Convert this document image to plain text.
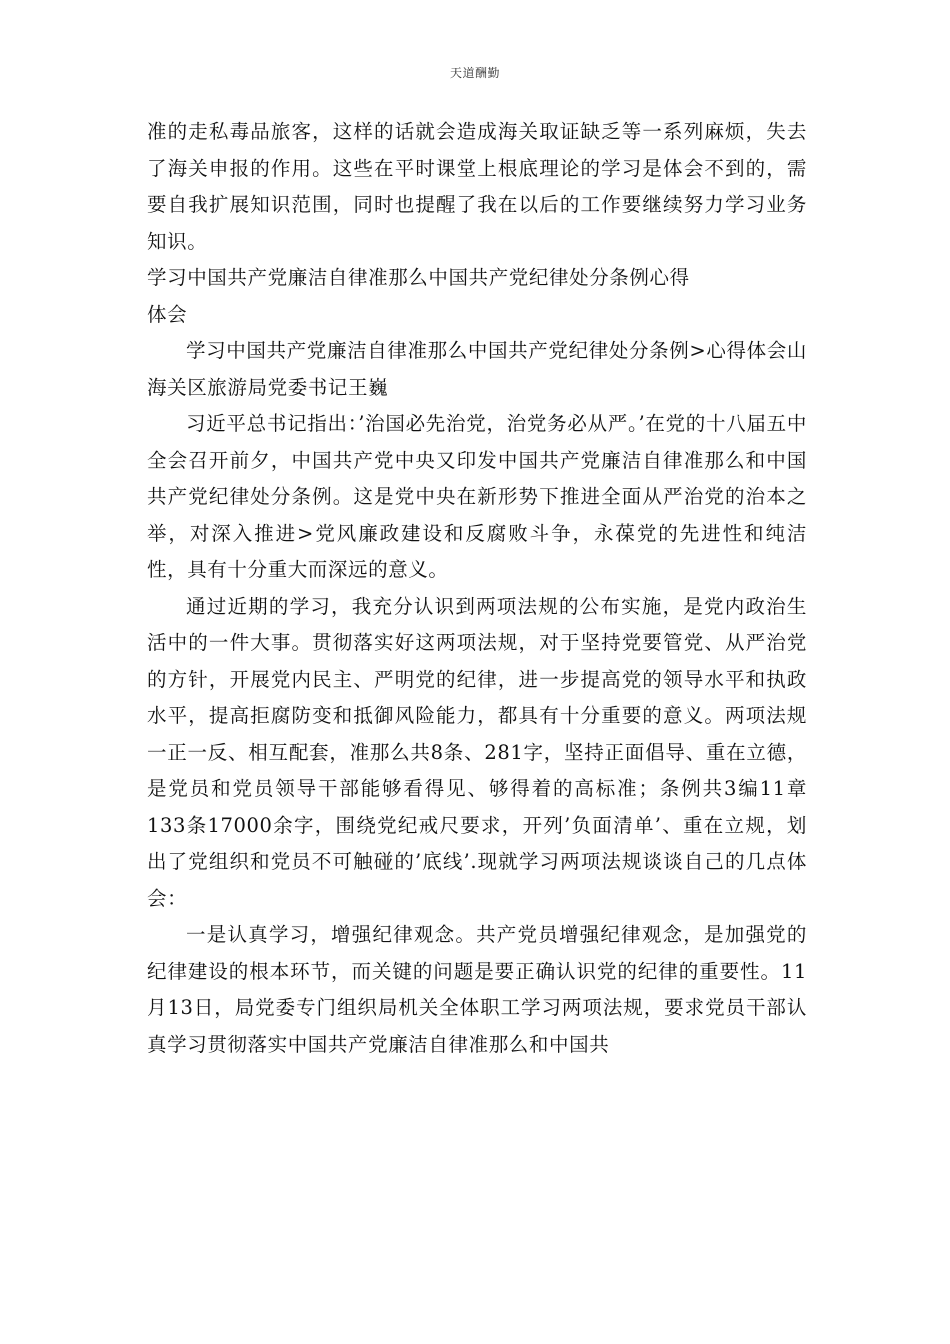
天道酬勤

准的走私毒品旅客，这样的话就会造成海关取证缺乏等一系列麻烦，失去了海关申报的作用。这些在平时课堂上根底理论的学习是体会不到的，需要自我扩展知识范围，同时也提醒了我在以后的工作要继续努力学习业务知识。

学习中国共产党廉洁自律准那么中国共产党纪律处分条例心得

体会

学习中国共产党廉洁自律准那么中国共产党纪律处分条例>心得体会山海关区旅游局党委书记王巍

习近平总书记指出：’治国必先治党，治党务必从严。’在党的十八届五中全会召开前夕，中国共产党中央又印发中国共产党廉洁自律准那么和中国共产党纪律处分条例。这是党中央在新形势下推进全面从严治党的治本之举，对深入推进>党风廉政建设和反腐败斗争，永葆党的先进性和纯洁性，具有十分重大而深远的意义。

通过近期的学习，我充分认识到两项法规的公布实施，是党内政治生活中的一件大事。贯彻落实好这两项法规，对于坚持党要管党、从严治党的方针，开展党内民主、严明党的纪律，进一步提高党的领导水平和执政水平，提高拒腐防变和抵御风险能力，都具有十分重要的意义。两项法规一正一反、相互配套，准那么共8条、281字，坚持正面倡导、重在立德，是党员和党员领导干部能够看得见、够得着的高标准；条例共3编11章133条17000余字，围绕党纪戒尺要求，开列’负面清单’、重在立规，划出了党组织和党员不可触碰的’底线’.现就学习两项法规谈谈自己的几点体会：

一是认真学习，增强纪律观念。共产党员增强纪律观念，是加强党的纪律建设的根本环节，而关键的问题是要正确认识党的纪律的重要性。11月13日，局党委专门组织局机关全体职工学习两项法规，要求党员干部认真学习贯彻落实中国共产党廉洁自律准那么和中国共
